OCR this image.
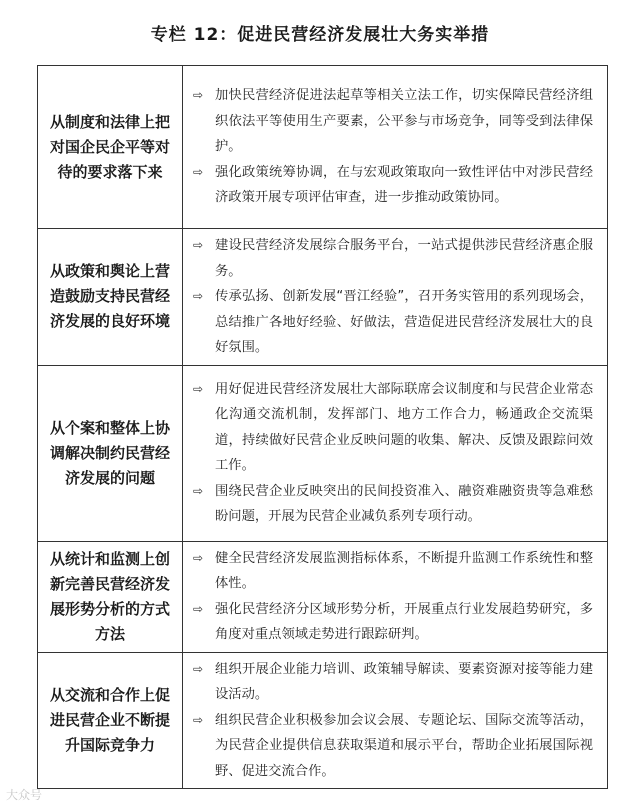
专栏 12：促进民营经济发展壮大务实举措
从制度和法律上把对国企民企平等对待的要求落下来	⇨ 加快民营经济促进法起草等相关立法工作，切实保障民营经济组织依法平等使用生产要素，公平参与市场竞争，同等受到法律保护。
⇨ 强化政策统筹协调，在与宏观政策取向一致性评估中对涉民营经济政策开展专项评估审查，进一步推动政策协同。

从政策和舆论上营造鼓励支持民营经济发展的良好环境	⇨ 建设民营经济发展综合服务平台，一站式提供涉民营经济惠企服务。
⇨ 传承弘扬、创新发展“晋江经验”，召开务实管用的系列现场会，总结推广各地好经验、好做法，营造促进民营经济发展壮大的良好氛围。

从个案和整体上协调解决制约民营经济发展的问题	⇨ 用好促进民营经济发展壮大部际联席会议制度和与民营企业常态化沟通交流机制，发挥部门、地方工作合力，畅通政企交流渠道，持续做好民营企业反映问题的收集、解决、反馈及跟踪问效工作。
⇨ 围绕民营企业反映突出的民间投资准入、融资难融资贵等急难愁盼问题，开展为民营企业减负系列专项行动。

从统计和监测上创新完善民营经济发展形势分析的方式方法	⇨ 健全民营经济发展监测指标体系，不断提升监测工作系统性和整体性。
⇨ 强化民营经济分区域形势分析，开展重点行业发展趋势研究，多角度对重点领域走势进行跟踪研判。

从交流和合作上促进民营企业不断提升国际竞争力	⇨ 组织开展企业能力培训、政策辅导解读、要素资源对接等能力建设活动。
⇨ 组织民营企业积极参加会议会展、专题论坛、国际交流等活动，为民营企业提供信息获取渠道和展示平台，帮助企业拓展国际视野、促进交流合作。
大众号
